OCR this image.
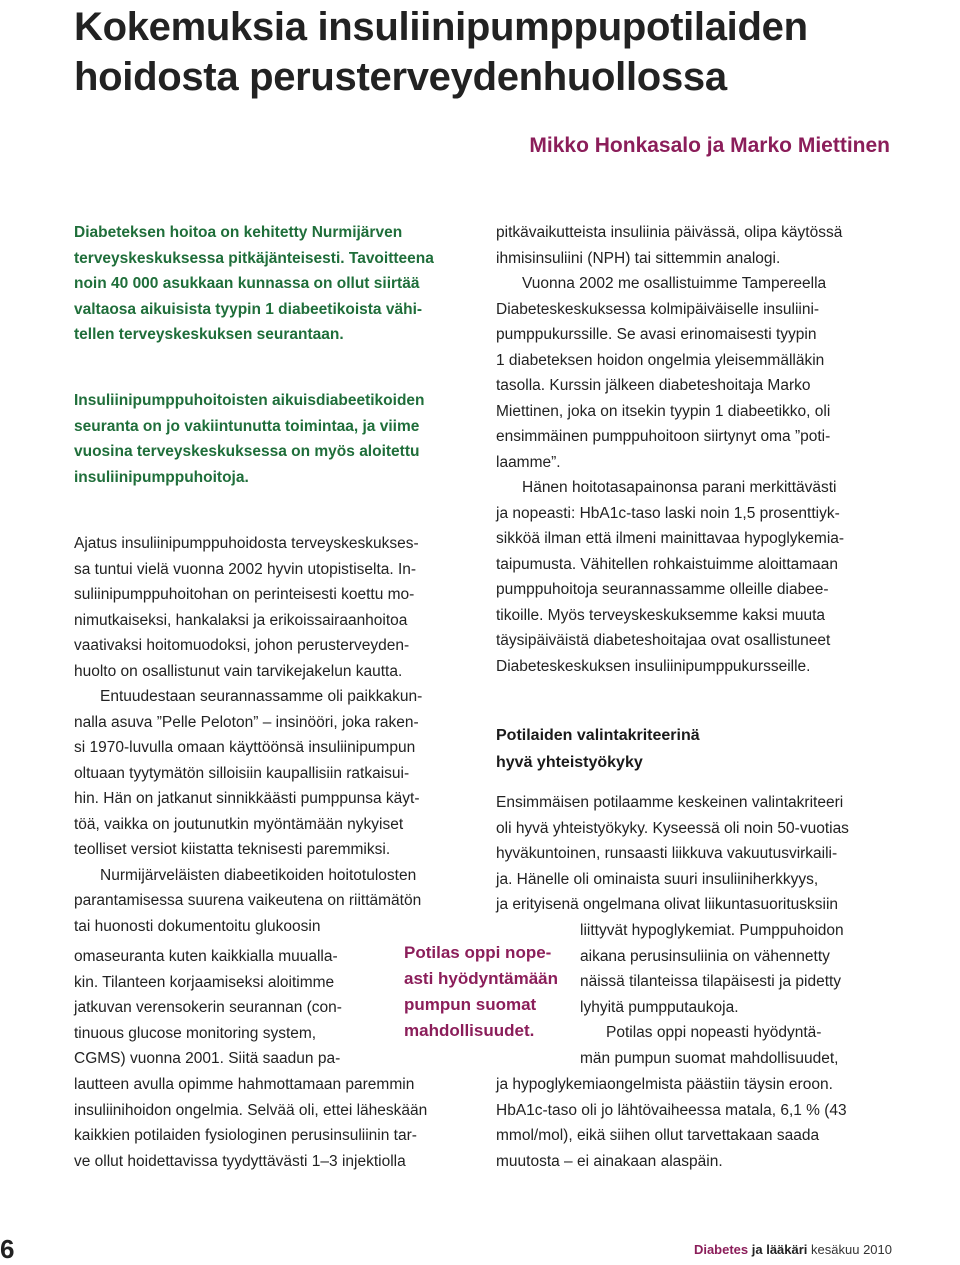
Kokemuksia insuliinipumppupotilaiden
hoidosta perusterveydenhuollossa
Mikko Honkasalo ja Marko Miettinen
Diabeteksen hoitoa on kehitetty Nurmijärven
terveyskeskuksessa pitkäjänteisesti. Tavoitteena
noin 40 000 asukkaan kunnassa on ollut siirtää
valtaosa aikuisista tyypin 1 diabeetikoista vähi-
tellen terveyskeskuksen seurantaan.
Insuliinipumppuhoitoisten aikuisdiabeetikoiden
seuranta on jo vakiintunutta toimintaa, ja viime
vuosina terveyskeskuksessa on myös aloitettu
insuliinipumppuhoitoja.
Ajatus insuliinipumppuhoidosta terveyskeskukses-
sa tuntui vielä vuonna 2002 hyvin utopistiselta. In-
suliinipumppuhoitohan on perinteisesti koettu mo-
nimutkaiseksi, hankalaksi ja erikoissairaanhoitoa
vaativaksi hoitomuodoksi, johon perusterveyden-
huolto on osallistunut vain tarvikejakelun kautta.
Entuudestaan seurannassamme oli paikkakun-
nalla asuva ”Pelle Peloton” – insinööri, joka raken-
si 1970-luvulla omaan käyttöönsä insuliinipumpun
oltuaan tyytymätön silloisiin kaupallisiin ratkaisui-
hin. Hän on jatkanut sinnikkäästi pumppunsa käyt-
töä, vaikka on joutunutkin myöntämään nykyiset
teolliset versiot kiistatta teknisesti paremmiksi.
Nurmijärveläisten diabeetikoiden hoitotulosten
parantamisessa suurena vaikeutena on riittämätön
tai huonosti dokumentoitu glukoosin
omaseuranta kuten kaikkialla muualla-
kin. Tilanteen korjaamiseksi aloitimme
jatkuvan verensokerin seurannan (con-
tinuous glucose monitoring system,
CGMS) vuonna 2001. Siitä saadun pa-
lautteen avulla opimme hahmottamaan paremmin
insuliinihoidon ongelmia. Selvää oli, ettei läheskään
kaikkien potilaiden fysiologinen perusinsuliinin tar-
ve ollut hoidettavissa tyydyttävästi 1–3 injektiolla
pitkävaikutteista insuliinia päivässä, olipa käytössä
ihmisinsuliini (NPH) tai sittemmin analogi.
Vuonna 2002 me osallistuimme Tampereella
Diabeteskeskuksessa kolmipäiväiselle insuliini-
pumppukurssille. Se avasi erinomaisesti tyypin
1 diabeteksen hoidon ongelmia yleisemmälläkin
tasolla. Kurssin jälkeen diabeteshoitaja Marko
Miettinen, joka on itsekin tyypin 1 diabeetikko, oli
ensimmäinen pumppuhoitoon siirtynyt oma ”poti-
laamme”.
Hänen hoitotasapainonsa parani merkittävästi
ja nopeasti: HbA1c-taso laski noin 1,5 prosenttiyk-
sikköä ilman että ilmeni mainittavaa hypoglykemia-
taipumusta. Vähitellen rohkaistuimme aloittamaan
pumppuhoitoja seurannassamme olleille diabee-
tikoille. Myös terveyskeskuksemme kaksi muuta
täysipäiväistä diabeteshoitajaa ovat osallistuneet
Diabeteskeskuksen insuliinipumppukursseille.
Potilaiden valintakriteerinä
hyvä yhteistyökyky
Ensimmäisen potilaamme keskeinen valintakriteeri
oli hyvä yhteistyökyky. Kyseessä oli noin 50-vuotias
hyväkuntoinen, runsaasti liikkuva vakuutusvirkaili-
ja. Hänelle oli ominaista suuri insuliiniherkkyys,
ja erityisenä ongelmana olivat liikuntasuoritusksiin
liittyvät hypoglykemiat. Pumppuhoidon
aikana perusinsuliinia on vähennetty
näissä tilanteissa tilapäisesti ja pidetty
lyhyitä pumpputaukoja.
Potilas oppi nopeasti hyödyntä-
män pumpun suomat mahdollisuudet,
ja hypoglykemiaongelmista päästiin täysin eroon.
HbA1c-taso oli jo lähtövaiheessa matala, 6,1 % (43
mmol/mol), eikä siihen ollut tarvettakaan saada
muutosta – ei ainakaan alaspäin.
Potilas oppi nope-
asti hyödyntämään
pumpun suomat
mahdollisuudet.
6	Diabetes ja lääkäri kesäkuu 2010
